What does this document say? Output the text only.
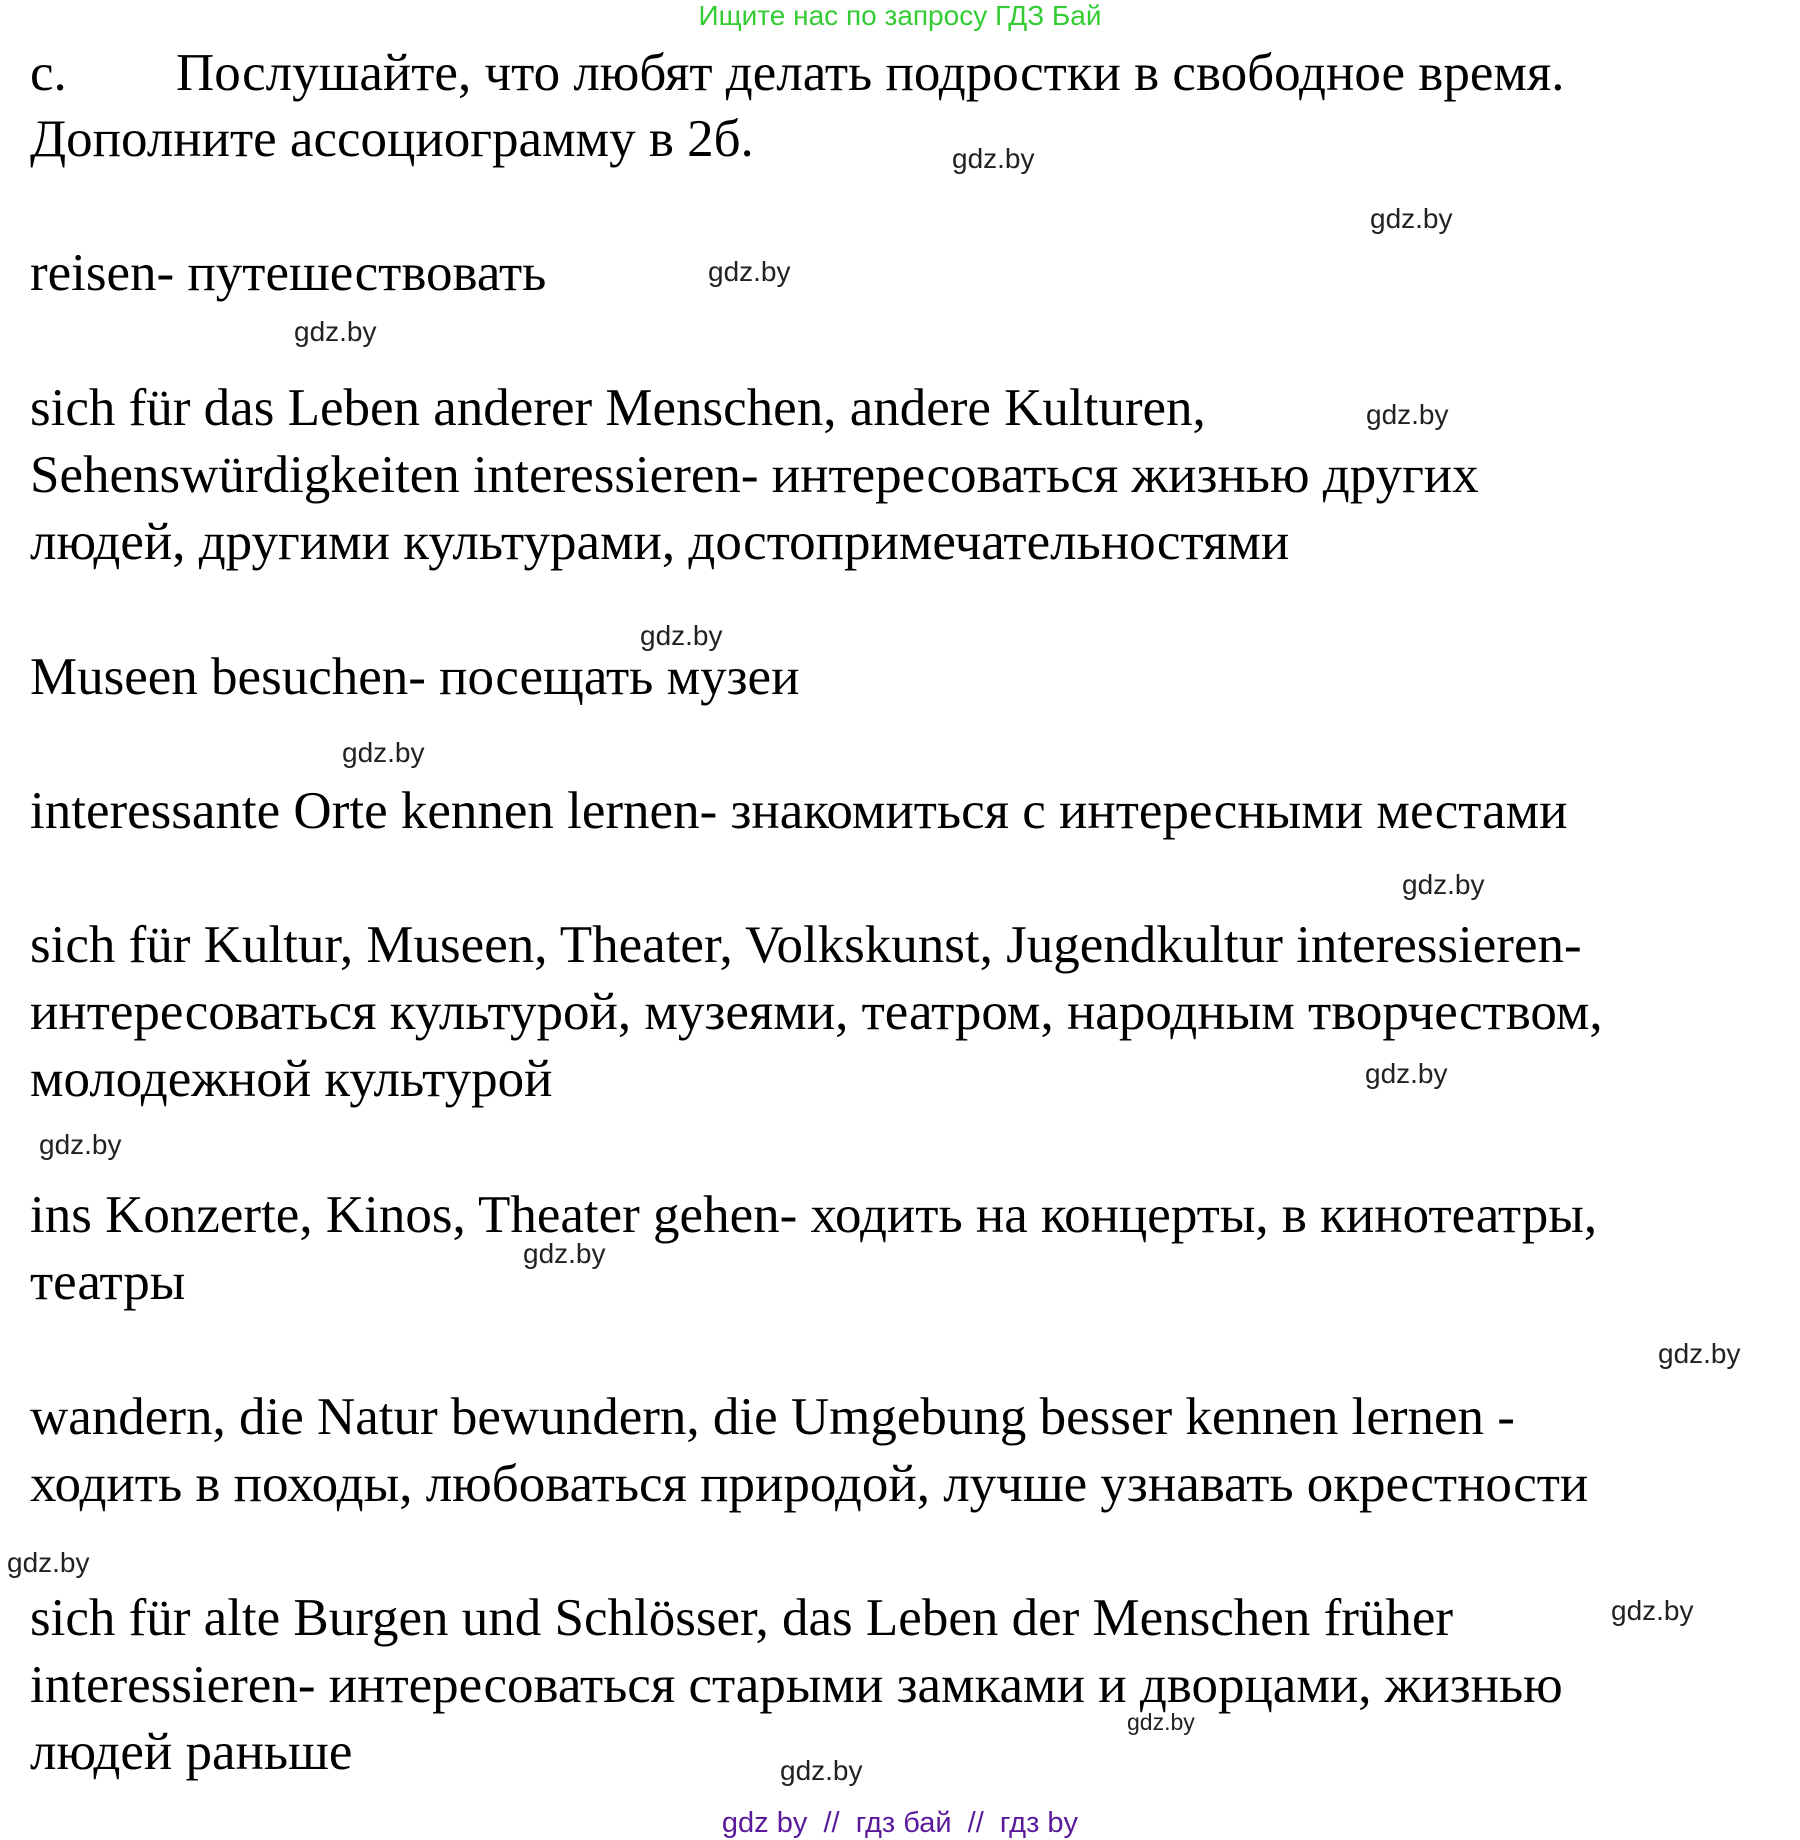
Ищите нас по запросу ГДЗ Бай
c. Послушайте, что любят делать подростки в свободное время.
Дополните ассоциограмму в 2б.
reisen- путешествовать
sich für das Leben anderer Menschen, andere Kulturen,
Sehenswürdigkeiten interessieren- интересоваться жизнью других
людей, другими культурами, достопримечательностями
Museen besuchen- посещать музеи
interessante Orte kennen lernen- знакомиться с интересными местами
sich für Kultur, Museen, Theater, Volkskunst, Jugendkultur interessieren-
интересоваться культурой, музеями, театром, народным творчеством,
молодежной культурой
ins Konzerte, Kinos, Theater gehen- ходить на концерты, в кинотеатры,
театры
wandern, die Natur bewundern, die Umgebung besser kennen lernen -
ходить в походы, любоваться природой, лучше узнавать окрестности
sich für alte Burgen und Schlösser, das Leben der Menschen früher
interessieren- интересоваться старыми замками и дворцами, жизнью
людей раньше
gdz.by
gdz.by
gdz.by
gdz.by
gdz.by
gdz.by
gdz.by
gdz.by
gdz.by
gdz.by
gdz.by
gdz.by
gdz.by
gdz.by
gdz.by
gdz.by
gdz by  //  гдз бай  //  гдз by
